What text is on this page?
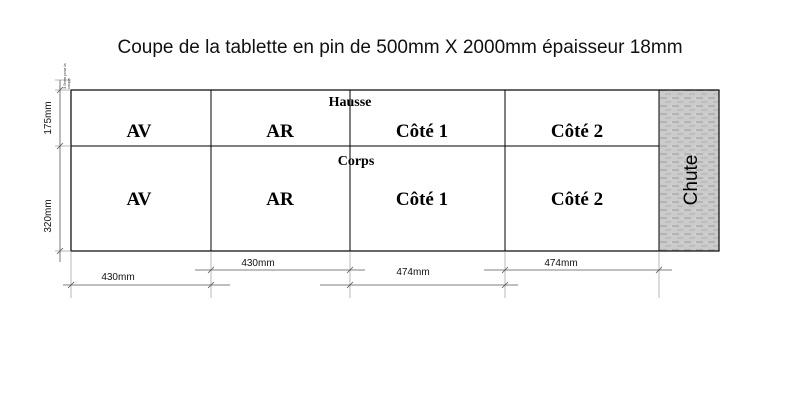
Coupe de la tablette en pin de 500mm X 2000mm épaisseur 18mm
Chute
Hausse
Corps
AV	AR	Côté 1	Côté 2
AV	AR	Côté 1	Côté 2
175mm
320mm
3.5mm pour la coupe
430mm
430mm
474mm
474mm
